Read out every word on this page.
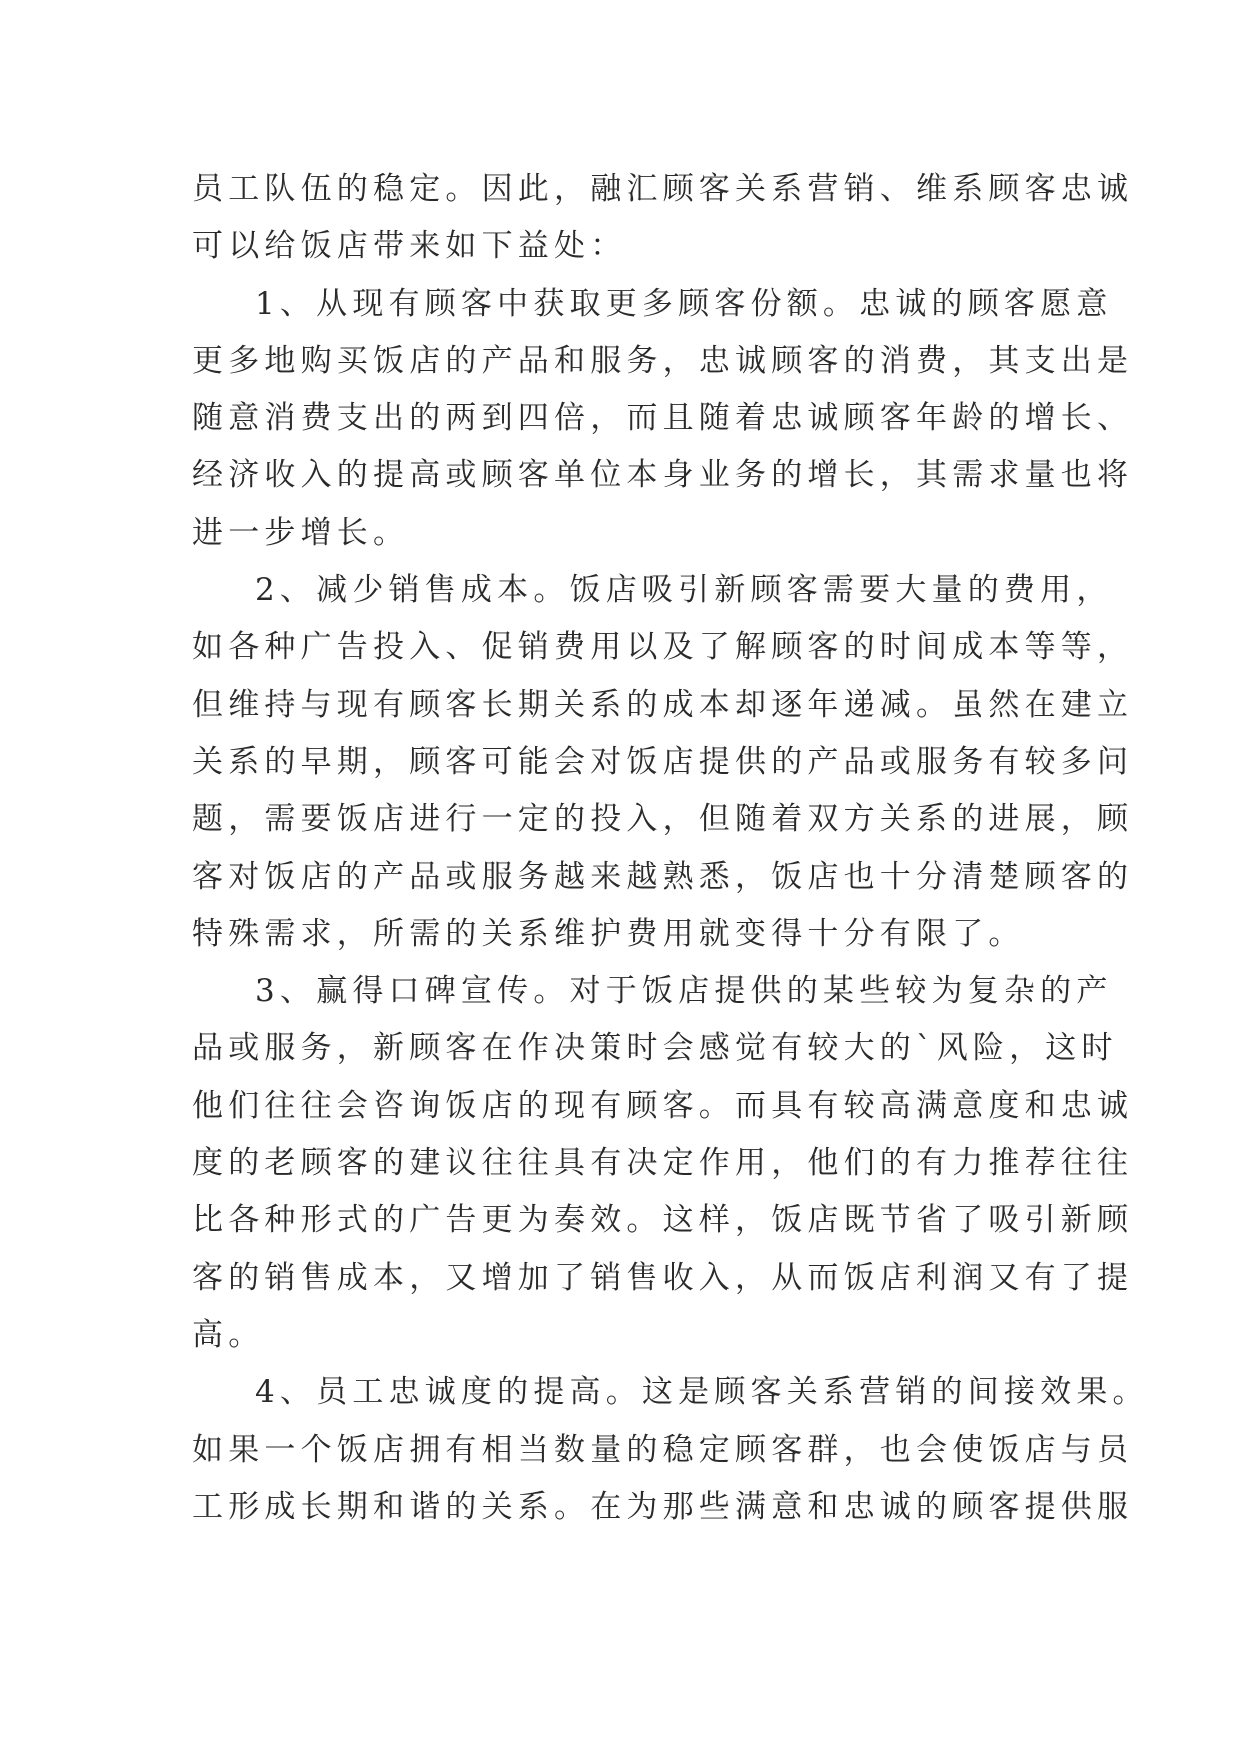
员工队伍的稳定。因此，融汇顾客关系营销、维系顾客忠诚
可以给饭店带来如下益处：
1、从现有顾客中获取更多顾客份额。忠诚的顾客愿意
更多地购买饭店的产品和服务，忠诚顾客的消费，其支出是
随意消费支出的两到四倍，而且随着忠诚顾客年龄的增长、
经济收入的提高或顾客单位本身业务的增长，其需求量也将
进一步增长。
2、减少销售成本。饭店吸引新顾客需要大量的费用，
如各种广告投入、促销费用以及了解顾客的时间成本等等，
但维持与现有顾客长期关系的成本却逐年递减。虽然在建立
关系的早期，顾客可能会对饭店提供的产品或服务有较多问
题，需要饭店进行一定的投入，但随着双方关系的进展，顾
客对饭店的产品或服务越来越熟悉，饭店也十分清楚顾客的
特殊需求，所需的关系维护费用就变得十分有限了。
3、赢得口碑宣传。对于饭店提供的某些较为复杂的产
品或服务，新顾客在作决策时会感觉有较大的`风险，这时
他们往往会咨询饭店的现有顾客。而具有较高满意度和忠诚
度的老顾客的建议往往具有决定作用，他们的有力推荐往往
比各种形式的广告更为奏效。这样，饭店既节省了吸引新顾
客的销售成本，又增加了销售收入，从而饭店利润又有了提
高。
4、员工忠诚度的提高。这是顾客关系营销的间接效果。
如果一个饭店拥有相当数量的稳定顾客群，也会使饭店与员
工形成长期和谐的关系。在为那些满意和忠诚的顾客提供服
